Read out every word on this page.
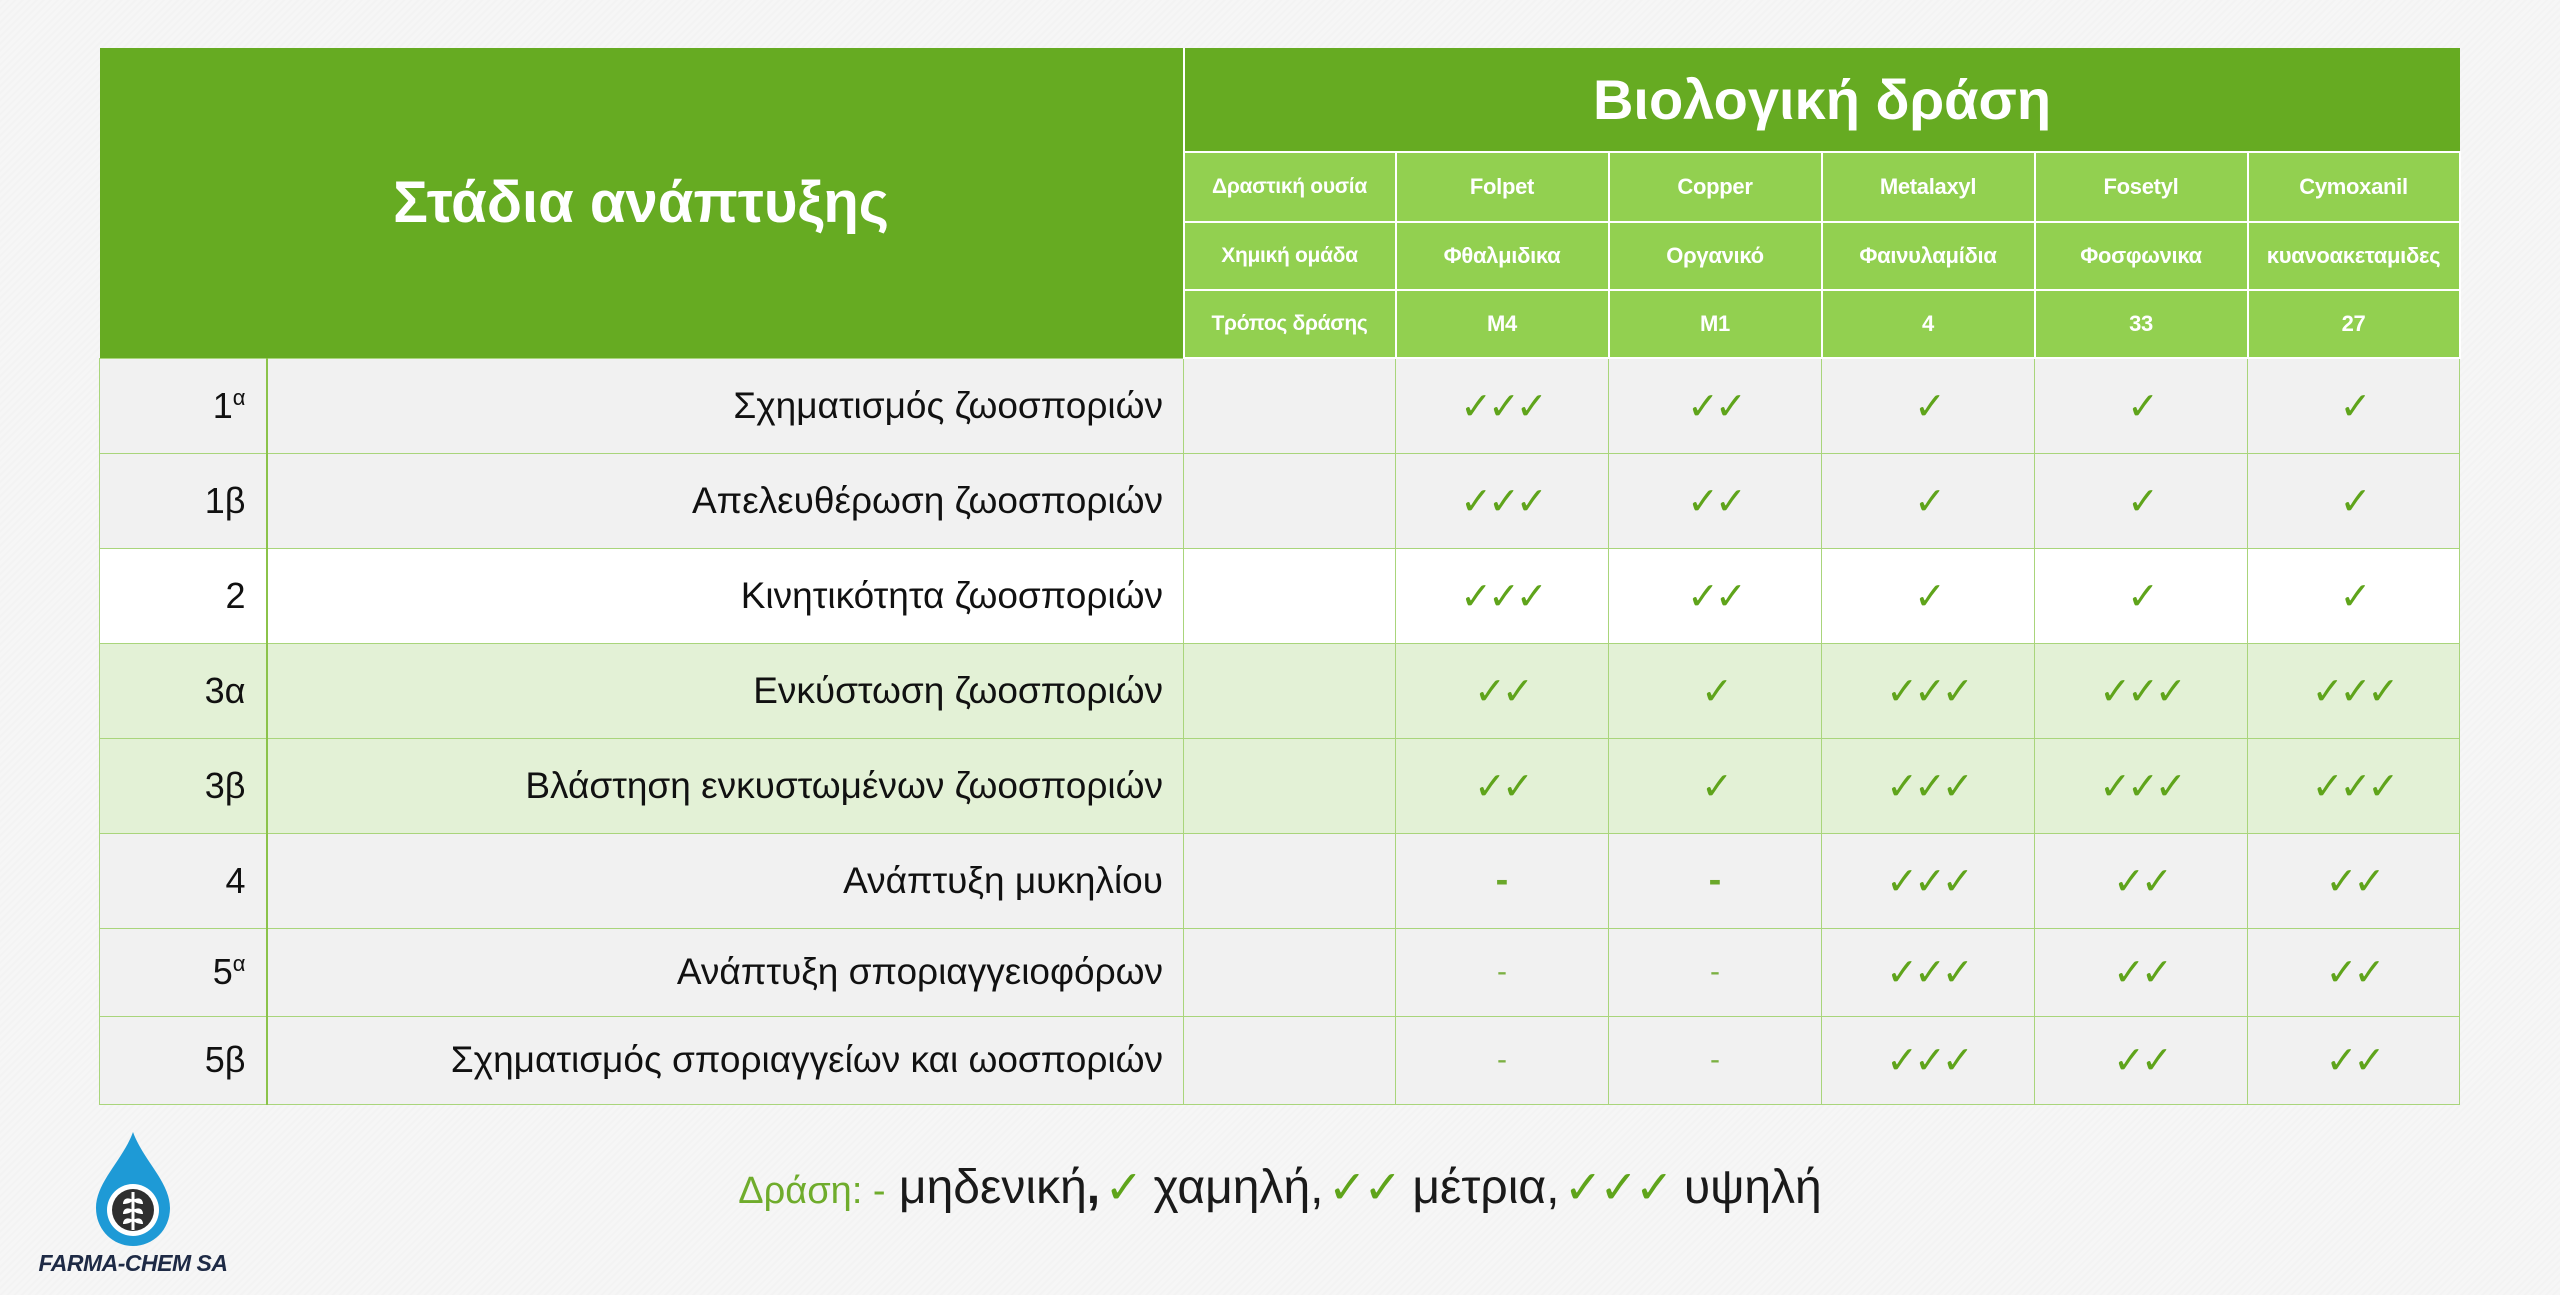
Στάδια ανάπτυξης		Βιολογική δράση					
		Δραστική ουσία	Folpet	Copper	Metalaxyl	Fosetyl	Cymoxanil
		Χημική ομάδα	Φθαλμιδικα	Οργανικό	Φαινυλαμίδια	Φοσφωνικα	κυανοακεταμιδες
		Τρόπος δράσης	M4	M1	4	33	27
$1^\alpha$	Σχηματισμός ζωοσποριών		✓✓✓	✓✓	✓	✓	✓
1β	Απελευθέρωση ζωοσποριών		✓✓✓	✓✓	✓	✓	✓
2	Κινητικότητα ζωοσποριών		✓✓✓	✓✓	✓	✓	✓
3α	Ενκύστωση ζωοσποριών		✓✓	✓	✓✓✓	✓✓✓	✓✓✓
3β	Βλάστηση ενκυστωμένων ζωοσποριών		✓✓	✓	✓✓✓	✓✓✓	✓✓✓
4	Ανάπτυξη μυκηλίου		-	-	✓✓✓	✓✓	✓✓
$5^\alpha$	Ανάπτυξη σποριαγγειοφόρων		-	-	✓✓✓	✓✓	✓✓
5β	Σχηματισμός σποριαγγείων και ωοσποριών		-	-	✓✓✓	✓✓	✓✓
Δράση: - μηδενική, ✓ χαμηλή, ✓✓ μέτρια, ✓✓✓ υψηλή
FARMA-CHEM SA
